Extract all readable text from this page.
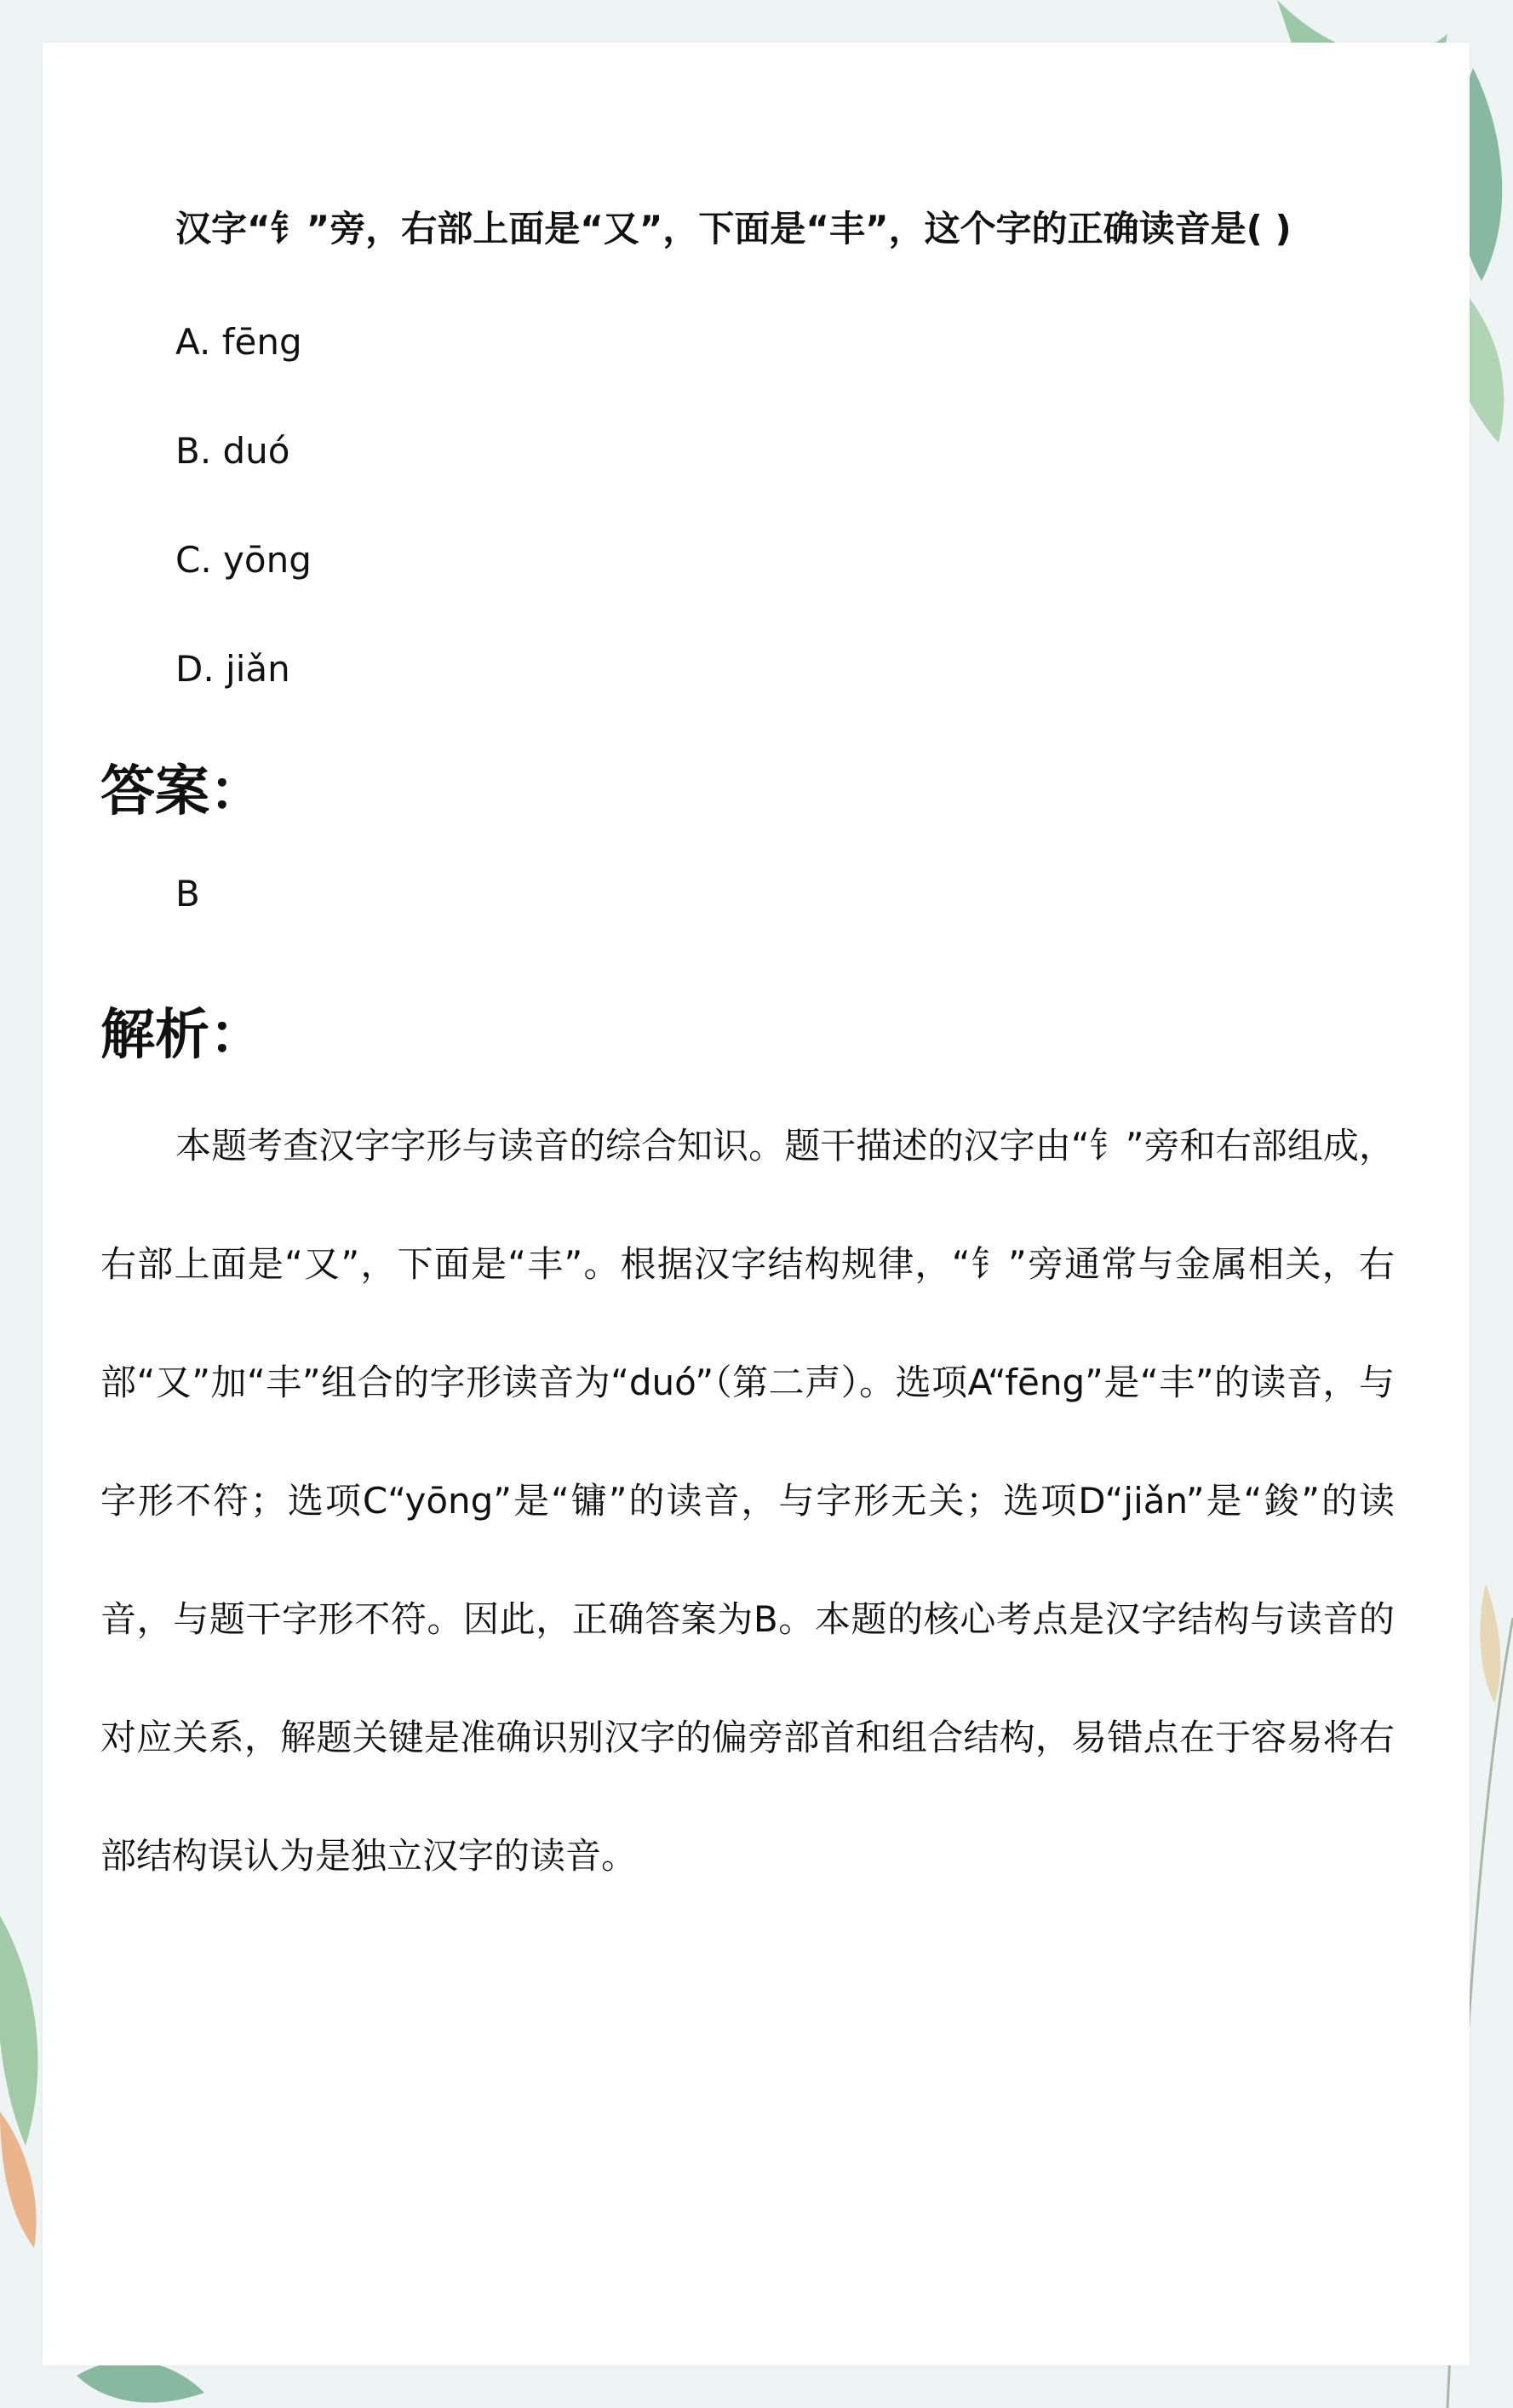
汉字“钅”旁，右部上面是“又”，下面是“丰”，这个字的正确读音是( )

A. fēng

B. duó

C. yōng

D. jiǎn

答案：

B

解析：

本题考查汉字字形与读音的综合知识。题干描述的汉字由“钅”旁和右部组成，右部上面是“又”，下面是“丰”。根据汉字结构规律，“钅”旁通常与金属相关，右部“又”加“丰”组合的字形读音为“duó”（第二声）。选项A“fēng”是“丰”的读音，与字形不符；选项C“yōng”是“镛”的读音，与字形无关；选项D“jiǎn”是“鋑”的读音，与题干字形不符。因此，正确答案为B。本题的核心考点是汉字结构与读音的对应关系，解题关键是准确识别汉字的偏旁部首和组合结构，易错点在于容易将右部结构误认为是独立汉字的读音。
